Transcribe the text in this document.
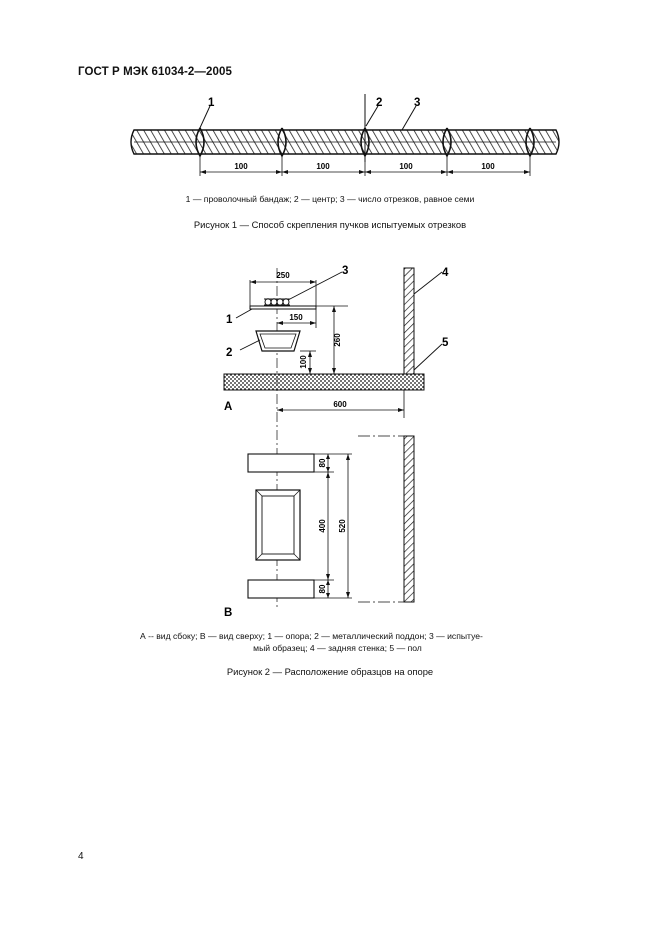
ГОСТ Р МЭК 61034-2—2005
1	2	3
100	100	100	100
1 — проволочный бандаж; 2 — центр; 3 — число отрезков, равное семи
Рисунок 1 — Способ скрепления пучков испытуемых отрезков
250
150
260
100
600
1
2
3	4
5
A
80
400 520
80
B
А -- вид сбоку; В — вид сверху; 1 — опора; 2 — металлический поддон; 3 — испытуе-
мый образец; 4 — задняя стенка; 5 — пол
Рисунок 2 — Расположение образцов на опоре
4
